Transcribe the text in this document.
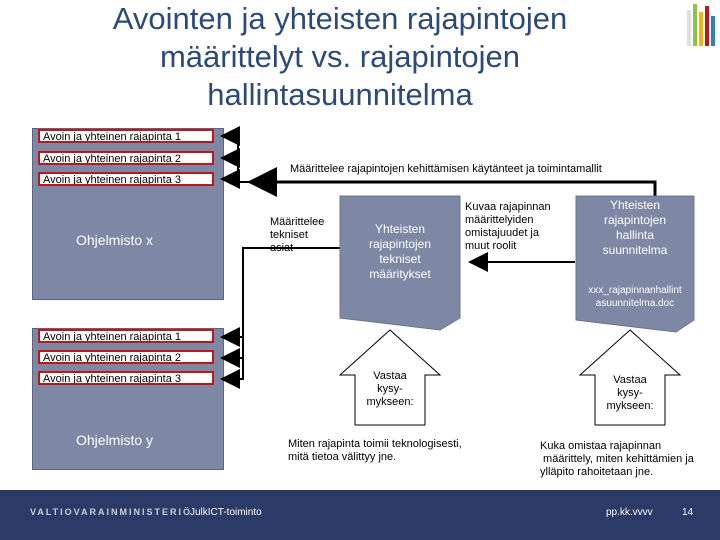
Avointen ja yhteisten rajapintojen
määrittelyt vs. rajapintojen
hallintasuunnitelma
Avoin ja yhteinen rajapinta 1
Avoin ja yhteinen rajapinta 2
Avoin ja yhteinen rajapinta 3
Ohjelmisto x
Avoin ja yhteinen rajapinta 1
Avoin ja yhteinen rajapinta 2
Avoin ja yhteinen rajapinta 3
Ohjelmisto y
Määrittelee rajapintojen kehittämisen käytänteet ja toimintamallit
Määrittelee
tekniset
asiat
Yhteisten
rajapintojen
tekniset
määritykset
Kuvaa rajapinnan
määrittelyiden
omistajuudet ja
muut roolit
Yhteisten
rajapintojen
hallinta
suunnitelma
xxx_rajapinnanhallint
asuunnitelma.doc
Vastaa
kysy-
mykseen:
Miten rajapinta toimii teknologisesti,
mitä tietoa välittyy jne.
Vastaa
kysy-
mykseen:
Kuka omistaa rajapinnan
määrittely, miten kehittämien ja
ylläpito rahoitetaan jne.
VALTIOVARAINMINISTERIÖ
JulkICT-toiminto	pp.kk.vvvv	14
